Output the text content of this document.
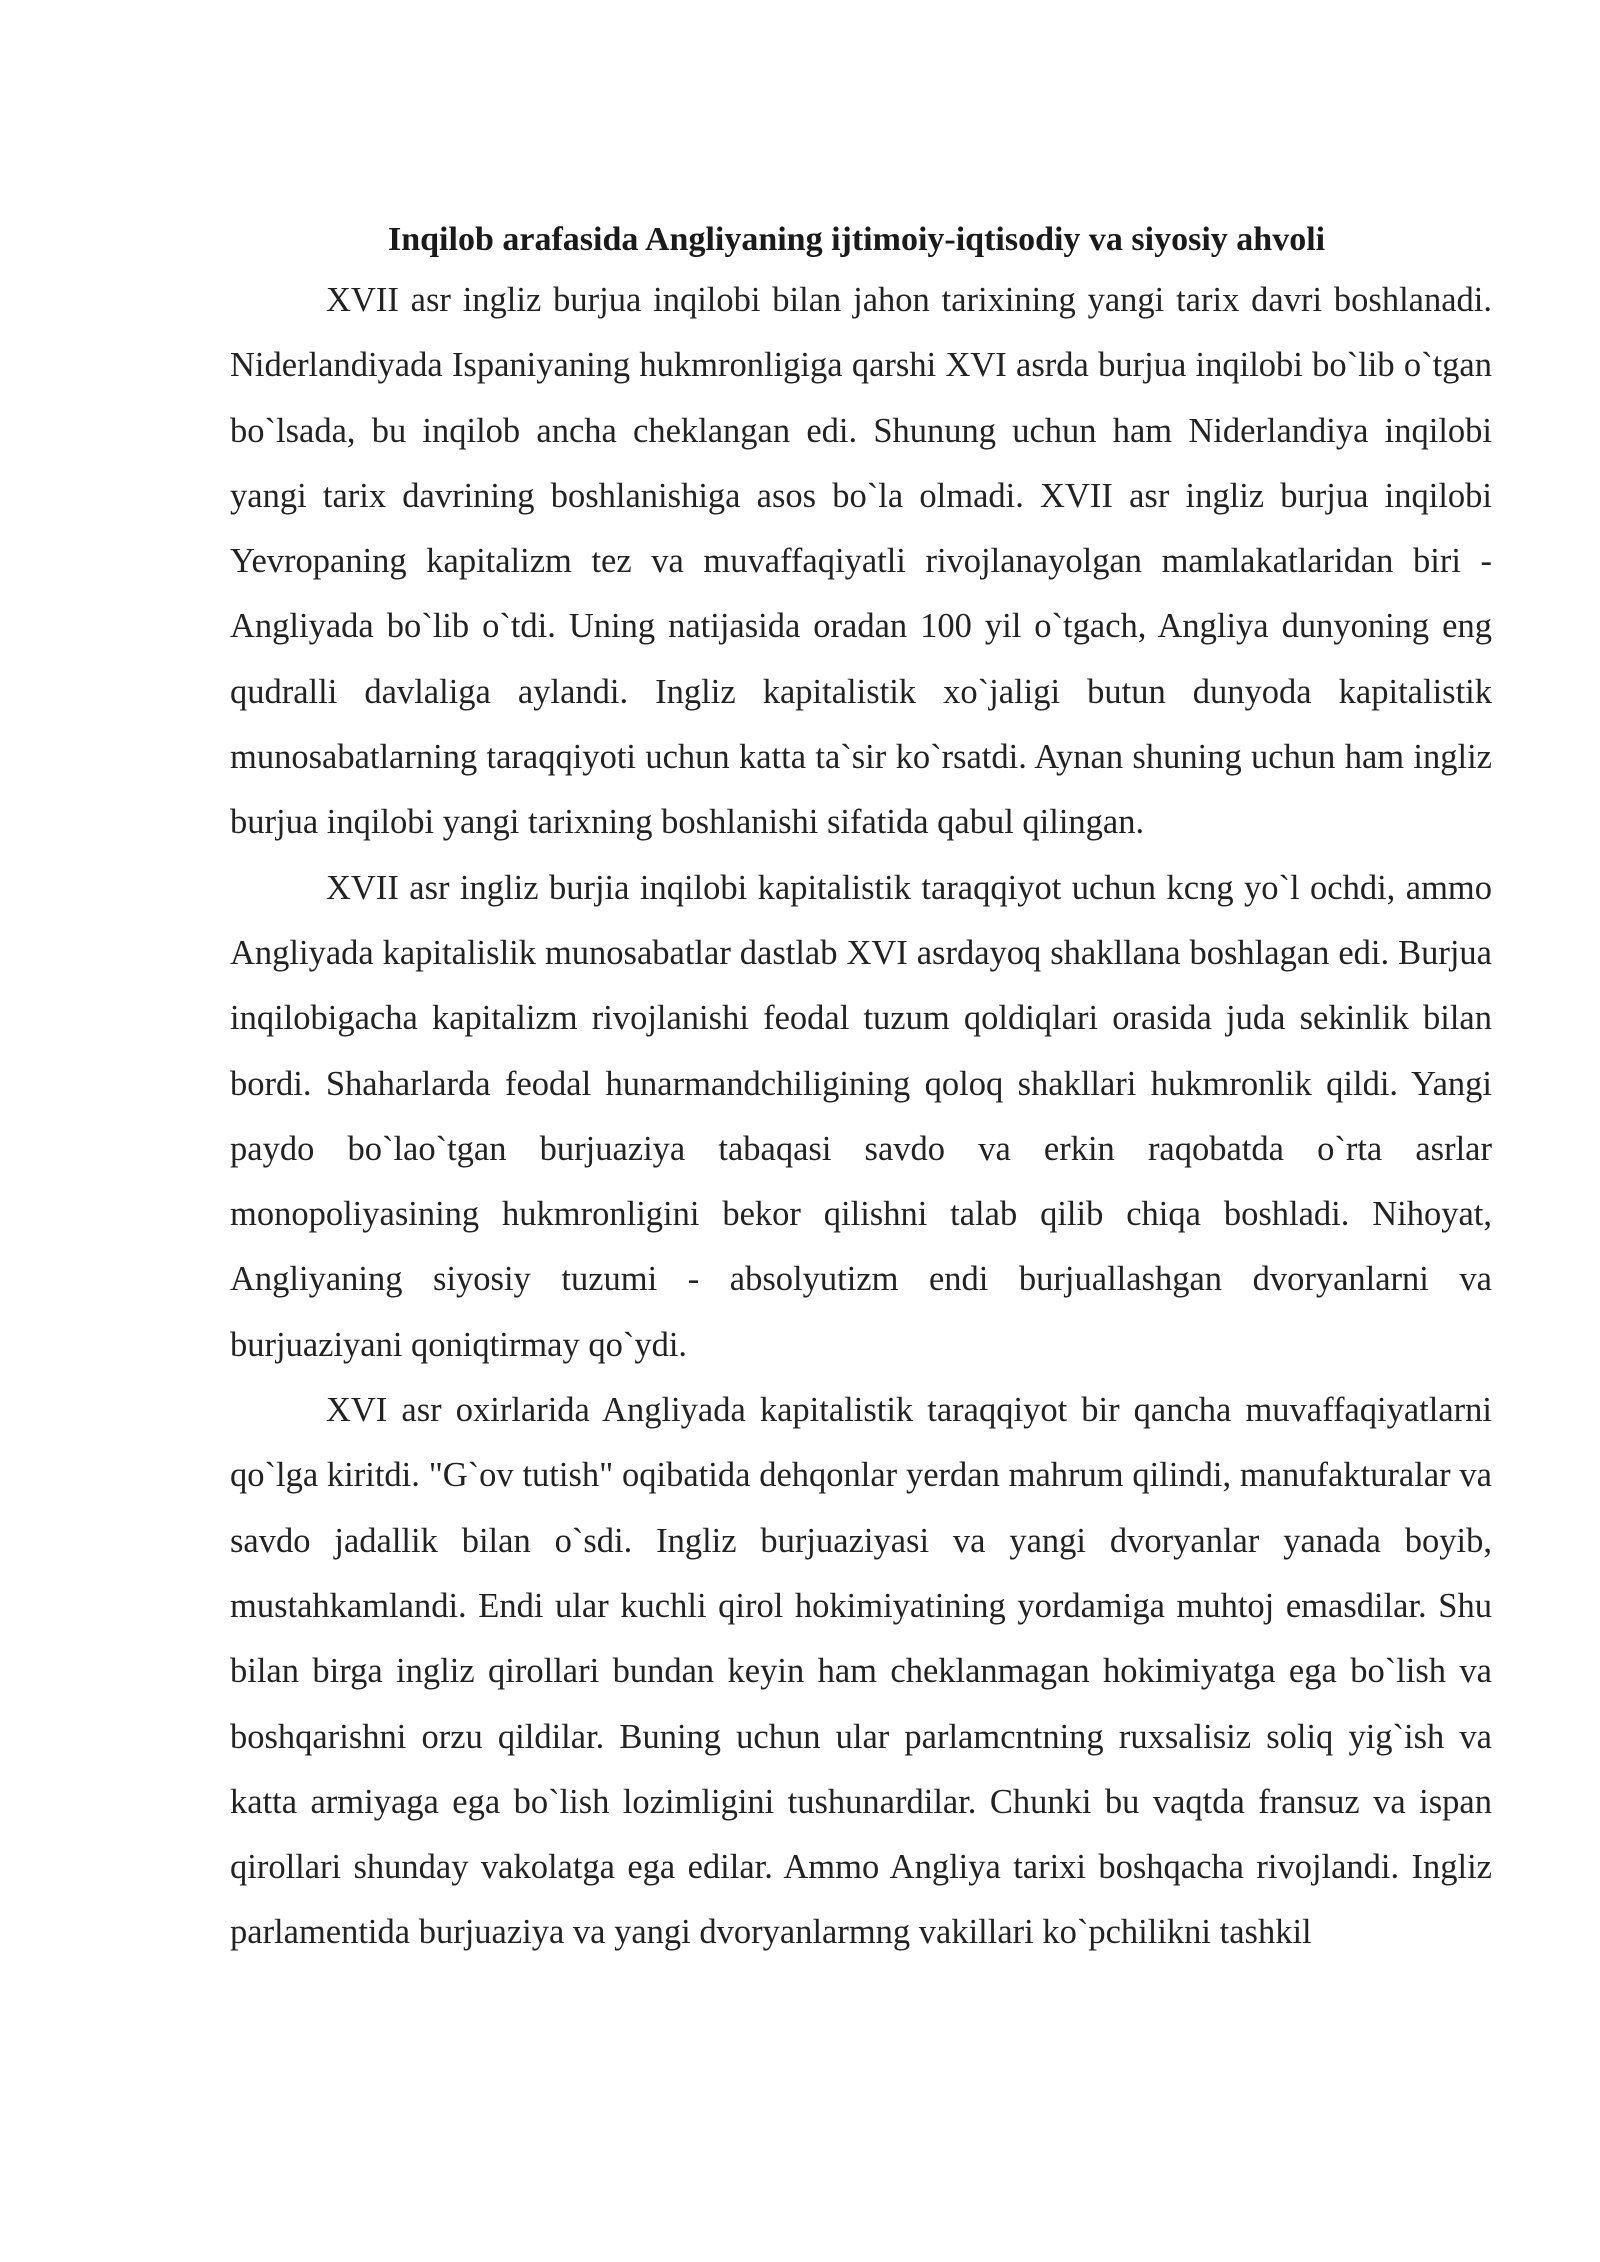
Inqilob arafasida Angliyaning ijtimoiy-iqtisodiy va siyosiy ahvoli

XVII asr ingliz burjua inqilobi bilan jahon tarixining yangi tarix davri boshlanadi. Niderlandiyada Ispaniyaning hukmronligiga qarshi XVI asrda burjua inqilobi bo`lib o`tgan bo`lsada, bu inqilob ancha cheklangan edi. Shunung uchun ham Niderlandiya inqilobi yangi tarix davrining boshlanishiga asos bo`la olmadi. XVII asr ingliz burjua inqilobi Yevropaning kapitalizm tez va muvaffaqiyatli rivojlanayolgan mamlakatlaridan biri - Angliyada bo`lib o`tdi. Uning natijasida oradan 100 yil o`tgach, Angliya dunyoning eng qudralli davlaliga aylandi. Ingliz kapitalistik xo`jaligi butun dunyoda kapitalistik munosabatlarning taraqqiyoti uchun katta ta`sir ko`rsatdi. Aynan shuning uchun ham ingliz burjua inqilobi yangi tarixning boshlanishi sifatida qabul qilingan.

XVII asr ingliz burjia inqilobi kapitalistik taraqqiyot uchun kcng yo`l ochdi, ammo Angliyada kapitalislik munosabatlar dastlab XVI asrdayoq shakllana boshlagan edi. Burjua inqilobigacha kapitalizm rivojlanishi feodal tuzum qoldiqlari orasida juda sekinlik bilan bordi. Shaharlarda feodal hunarmandchiligining qoloq shakllari hukmronlik qildi. Yangi paydo bo`lao`tgan burjuaziya tabaqasi savdo va erkin raqobatda o`rta asrlar monopoliyasining hukmronligini bekor qilishni talab qilib chiqa boshladi. Nihoyat, Angliyaning siyosiy tuzumi - absolyutizm endi burjuallashgan dvoryanlarni va burjuaziyani qoniqtirmay qo`ydi.

XVI asr oxirlarida Angliyada kapitalistik taraqqiyot bir qancha muvaffaqiyatlarni qo`lga kiritdi. "G`ov tutish" oqibatida dehqonlar yerdan mahrum qilindi, manufakturalar va savdo jadallik bilan o`sdi. Ingliz burjuaziyasi va yangi dvoryanlar yanada boyib, mustahkamlandi. Endi ular kuchli qirol hokimiyatining yordamiga muhtoj emasdilar. Shu bilan birga ingliz qirollari bundan keyin ham cheklanmagan hokimiyatga ega bo`lish va boshqarishni orzu qildilar. Buning uchun ular parlamcntning ruxsalisiz soliq yig`ish va katta armiyaga ega bo`lish lozimligini tushunardilar. Chunki bu vaqtda fransuz va ispan qirollari shunday vakolatga ega edilar. Ammo Angliya tarixi boshqacha rivojlandi. Ingliz parlamentida burjuaziya va yangi dvoryanlarmng vakillari ko`pchilikni tashkil
